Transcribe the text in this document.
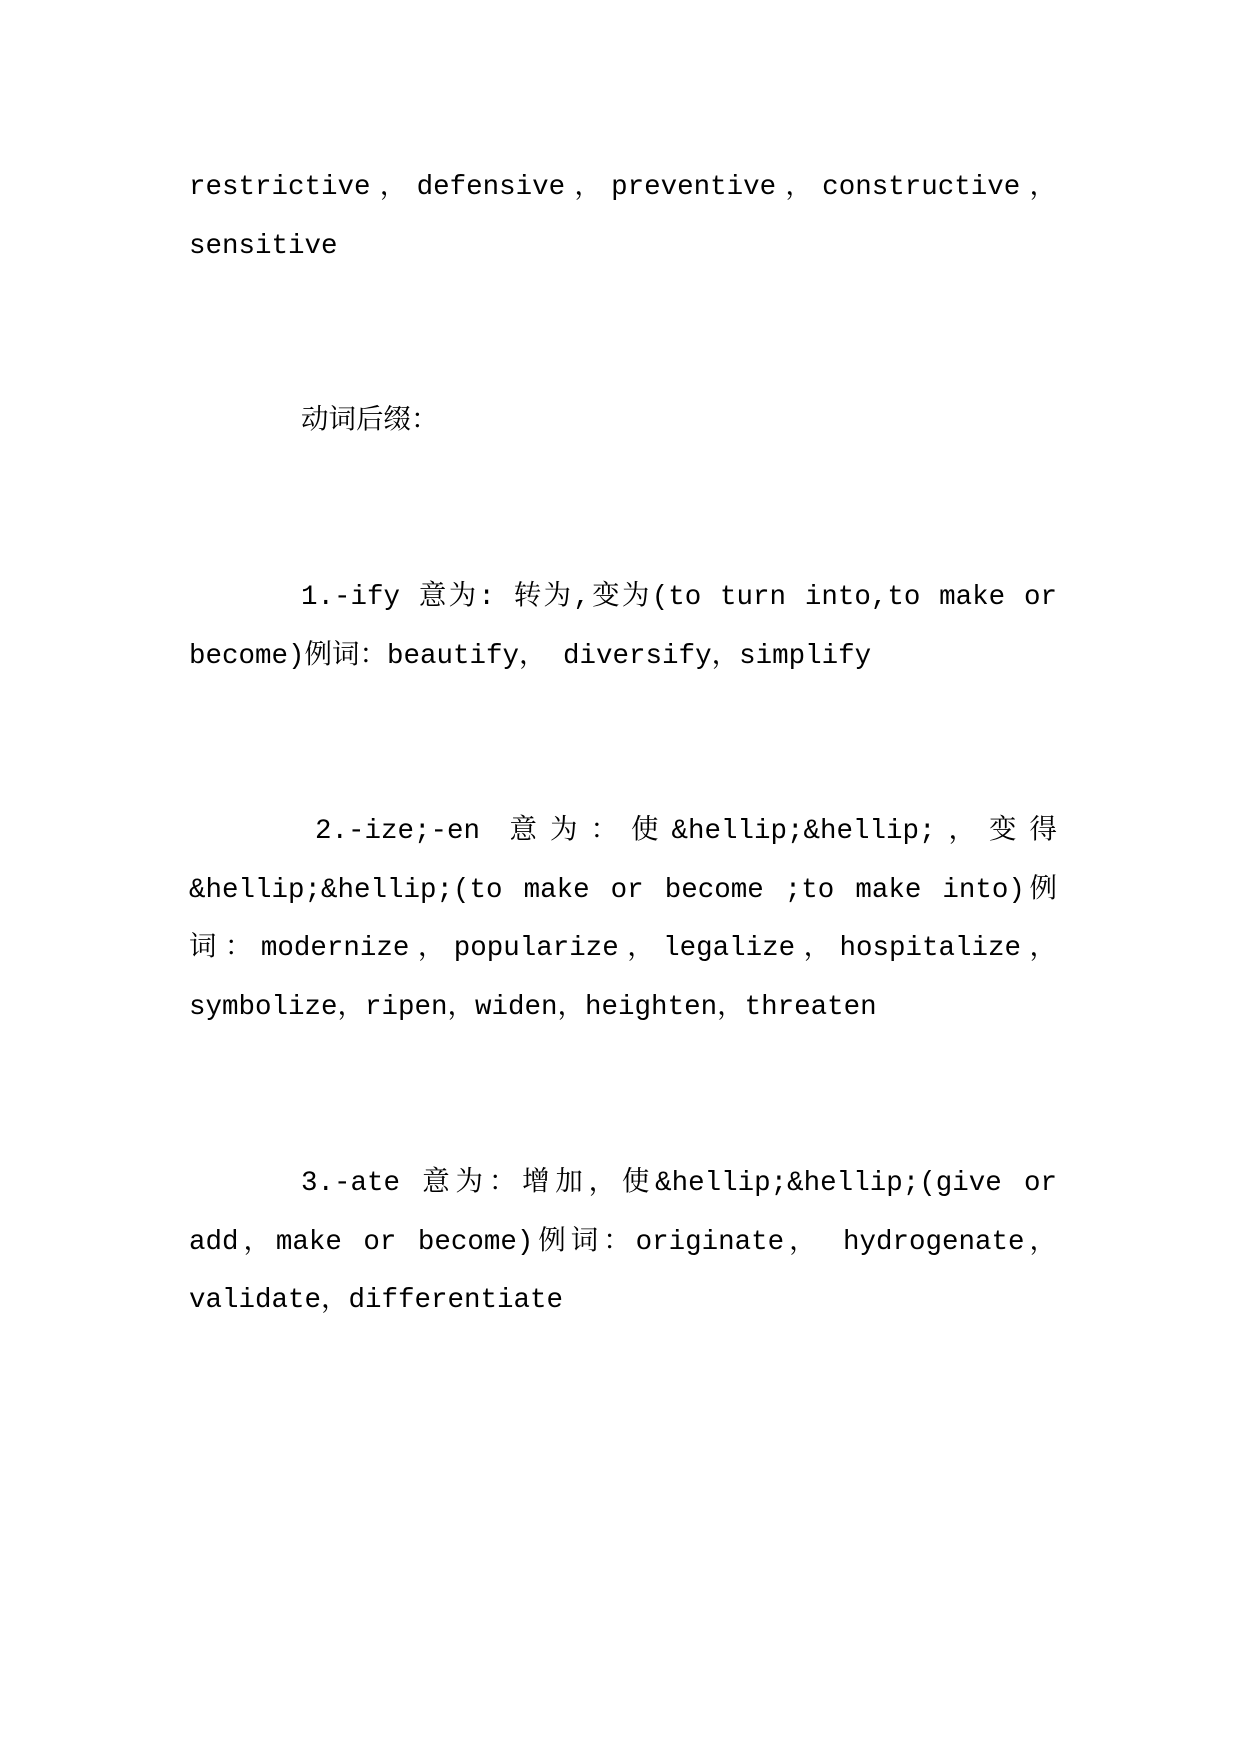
restrictive，defensive，preventive，constructive，
sensitive
动词后缀：
1.-ify 意为: 转为,变为(to turn into,to make or
become)例词：beautify， diversify，simplify
2.-ize;-en 意为：使&hellip;&hellip;，变得
&hellip;&hellip;(to make or become ;to make into)例
词：modernize，popularize，legalize，hospitalize，
symbolize，ripen，widen，heighten，threaten
3.-ate 意为：增加，使&hellip;&hellip;(give or
add，make or become)例词：originate， hydrogenate，
validate，differentiate
